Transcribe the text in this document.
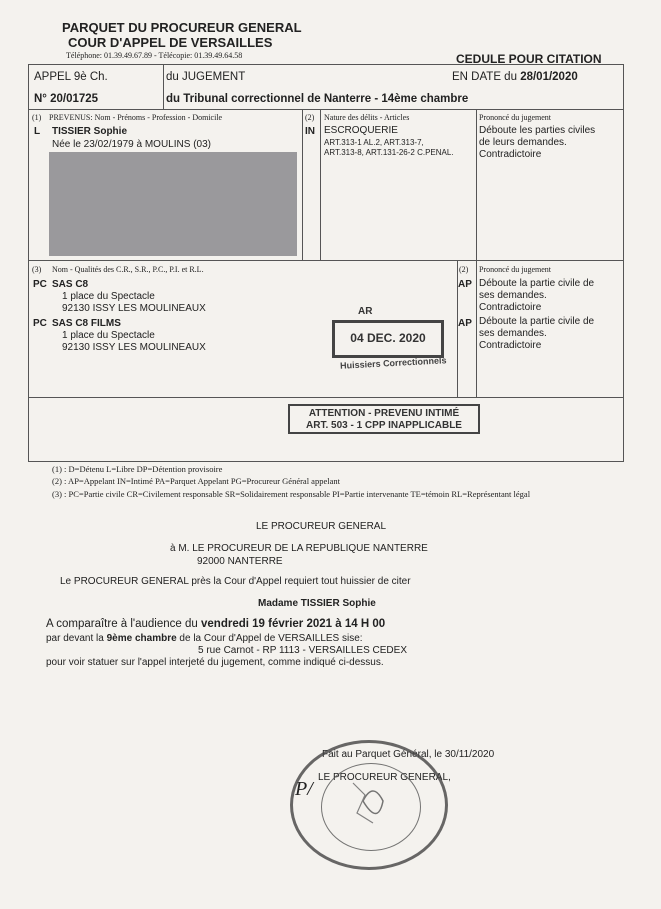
PARQUET DU PROCUREUR GENERAL
COUR D'APPEL DE VERSAILLES
Téléphone: 01.39.49.67.89 - Télécopie: 01.39.49.64.58	CEDULE POUR CITATION
APPEL 9è Ch.
N° 20/01725
du JUGEMENT	EN DATE du 28/01/2020
du Tribunal correctionnel de Nanterre - 14ème chambre
(1) PREVENUS: Nom - Prénoms - Profession - Domicile
L TISSIER Sophie
Née le 23/02/1979 à MOULINS (03)
(2) Nature des délits - Articles
IN ESCROQUERIE
ART.313-1 AL.2, ART.313-7,
ART.313-8, ART.131-26-2 C.PENAL.
Prononcé du jugement
Déboute les parties civiles
de leurs demandes.
Contradictoire
(3) Nom - Qualités des C.R., S.R., P.C., P.I. et R.L.	(2) Prononcé du jugement
PC SAS C8
1 place du Spectacle
92130 ISSY LES MOULINEAUX
AP Déboute la partie civile de
ses demandes.
Contradictoire
PC SAS C8 FILMS
1 place du Spectacle
92130 ISSY LES MOULINEAUX
AP Déboute la partie civile de
ses demandes.
Contradictoire
AR
04 DEC. 2020
Huissiers Correctionnels
ATTENTION - PREVENU INTIMÉ
ART. 503 - 1 CPP INAPPLICABLE
(1) : D=Détenu L=Libre DP=Détention provisoire
(2) : AP=Appelant IN=Intimé PA=Parquet Appelant PG=Procureur Général appelant
(3) : PC=Partie civile CR=Civilement responsable SR=Solidairement responsable PI=Partie intervenante TE=témoin RL=Représentant légal
LE PROCUREUR GENERAL
à M. LE PROCUREUR DE LA REPUBLIQUE NANTERRE
92000 NANTERRE
Le PROCUREUR GENERAL près la Cour d'Appel requiert tout huissier de citer
Madame TISSIER Sophie
A comparaître à l'audience du vendredi 19 février 2021 à 14 H 00
par devant la 9ème chambre de la Cour d'Appel de VERSAILLES sise:
5 rue Carnot - RP 1113 - VERSAILLES CEDEX
pour voir statuer sur l'appel interjeté du jugement, comme indiqué ci-dessus.
Fait au Parquet Général, le 30/11/2020
LE PROCUREUR GENERAL,
P/
